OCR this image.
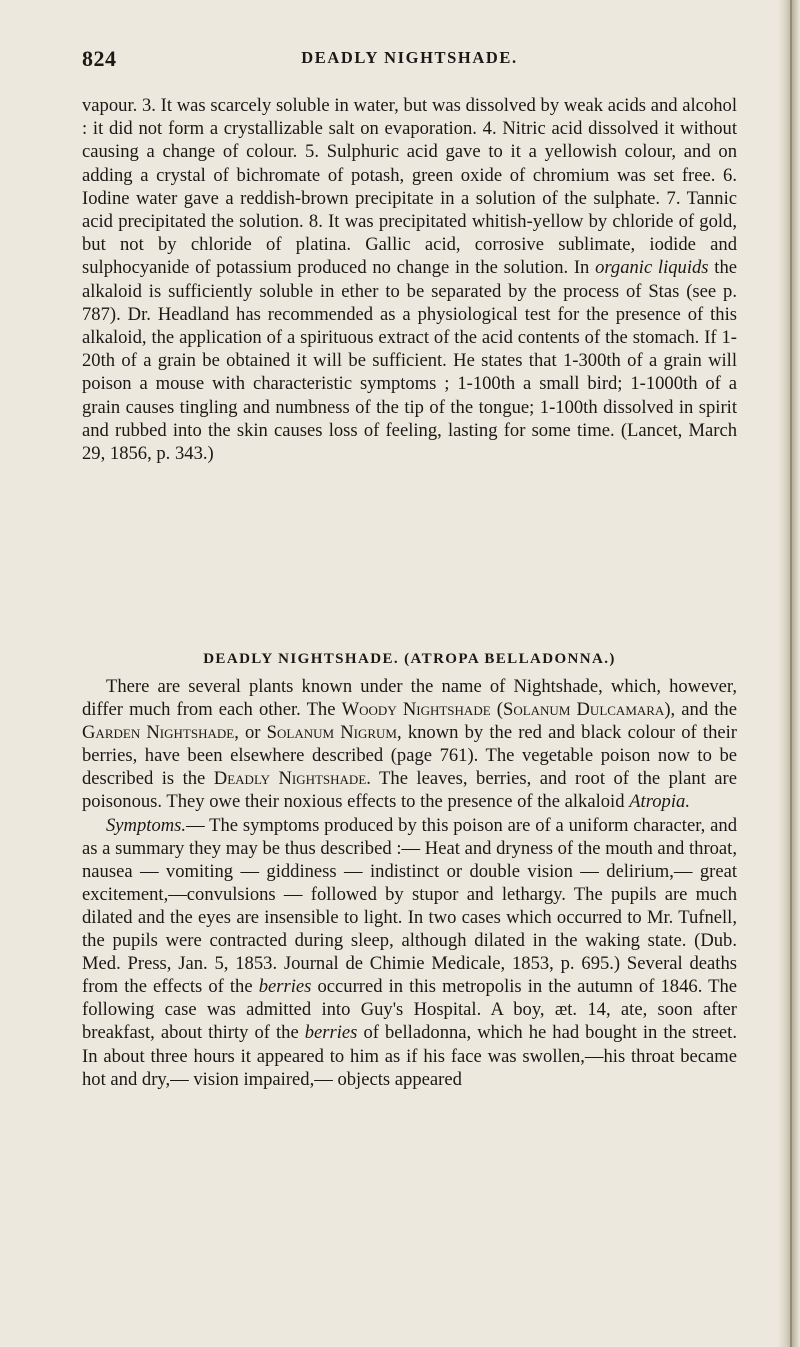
824	DEADLY NIGHTSHADE.

vapour. 3. It was scarcely soluble in water, but was dissolved by weak acids and alcohol : it did not form a crystallizable salt on evaporation. 4. Nitric acid dissolved it without causing a change of colour. 5. Sulphuric acid gave to it a yellowish colour, and on adding a crystal of bichromate of potash, green oxide of chromium was set free. 6. Iodine water gave a reddish-brown precipitate in a solution of the sulphate. 7. Tannic acid precipitated the solution. 8. It was precipitated whitish-yellow by chloride of gold, but not by chloride of platina. Gallic acid, corrosive sublimate, iodide and sulphocyanide of potassium produced no change in the solution. In organic liquids the alkaloid is sufficiently soluble in ether to be separated by the process of Stas (see p. 787). Dr. Headland has recommended as a physiological test for the presence of this alkaloid, the application of a spirituous extract of the acid contents of the stomach. If 1-20th of a grain be obtained it will be sufficient. He states that 1-300th of a grain will poison a mouse with characteristic symptoms ; 1-100th a small bird; 1-1000th of a grain causes tingling and numbness of the tip of the tongue; 1-100th dissolved in spirit and rubbed into the skin causes loss of feeling, lasting for some time. (Lancet, March 29, 1856, p. 343.)

DEADLY NIGHTSHADE. (ATROPA BELLADONNA.)

There are several plants known under the name of Nightshade, which, however, differ much from each other. The Woody Nightshade (Solanum Dulcamara), and the Garden Nightshade, or Solanum Nigrum, known by the red and black colour of their berries, have been elsewhere described (page 761). The vegetable poison now to be described is the Deadly Nightshade. The leaves, berries, and root of the plant are poisonous. They owe their noxious effects to the presence of the alkaloid Atropia.

Symptoms.— The symptoms produced by this poison are of a uniform character, and as a summary they may be thus described :— Heat and dryness of the mouth and throat, nausea — vomiting — giddiness — indistinct or double vision — delirium,— great excitement,—convulsions — followed by stupor and lethargy. The pupils are much dilated and the eyes are insensible to light. In two cases which occurred to Mr. Tufnell, the pupils were contracted during sleep, although dilated in the waking state. (Dub. Med. Press, Jan. 5, 1853. Journal de Chimie Medicale, 1853, p. 695.) Several deaths from the effects of the berries occurred in this metropolis in the autumn of 1846. The following case was admitted into Guy's Hospital. A boy, æt. 14, ate, soon after breakfast, about thirty of the berries of belladonna, which he had bought in the street. In about three hours it appeared to him as if his face was swollen,—his throat became hot and dry,— vision impaired,— objects appeared
